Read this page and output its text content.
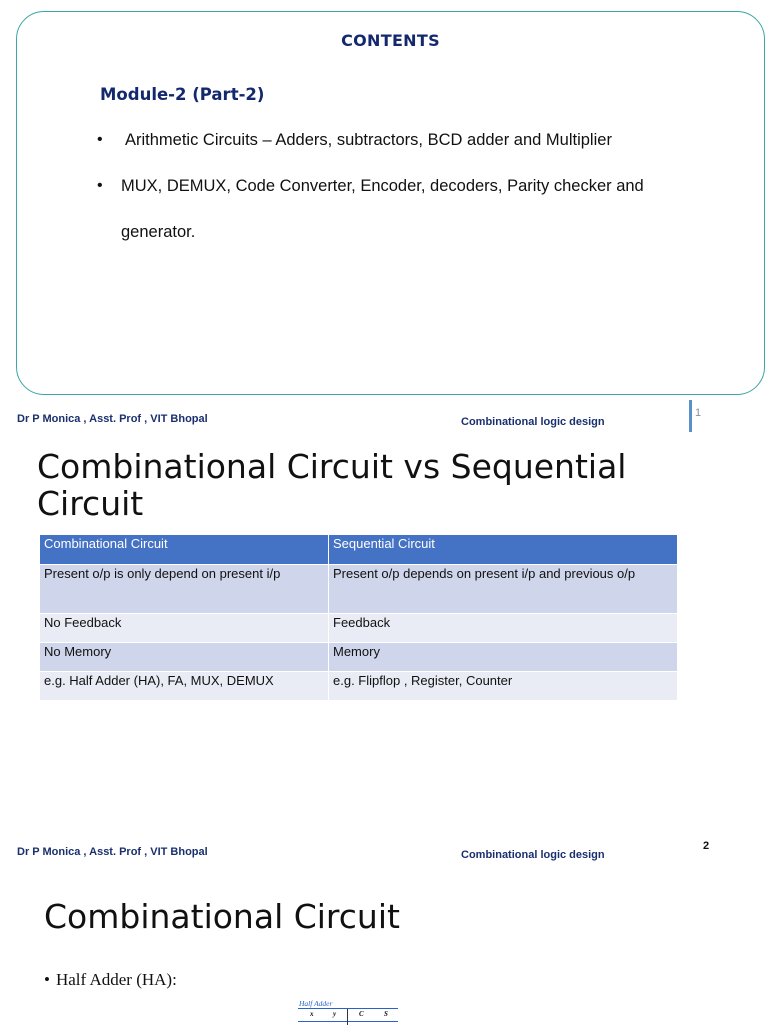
CONTENTS
Module-2 (Part-2)
•	Arithmetic Circuits – Adders, subtractors, BCD adder and Multiplier
•	MUX, DEMUX, Code Converter, Encoder, decoders, Parity checker and generator.
Dr P Monica , Asst. Prof , VIT Bhopal	Combinational logic design
1
Combinational Circuit vs Sequential Circuit
Combinational Circuit	Sequential Circuit
Present o/p is only depend on present i/p	Present o/p depends on present i/p and previous o/p
No Feedback	Feedback
No Memory	Memory
e.g. Half Adder (HA), FA, MUX, DEMUX	e.g. Flipflop , Register, Counter
Dr P Monica , Asst. Prof , VIT Bhopal	Combinational logic design
2
Combinational Circuit
• Half Adder (HA):
Half Adder
x	y	C	S
